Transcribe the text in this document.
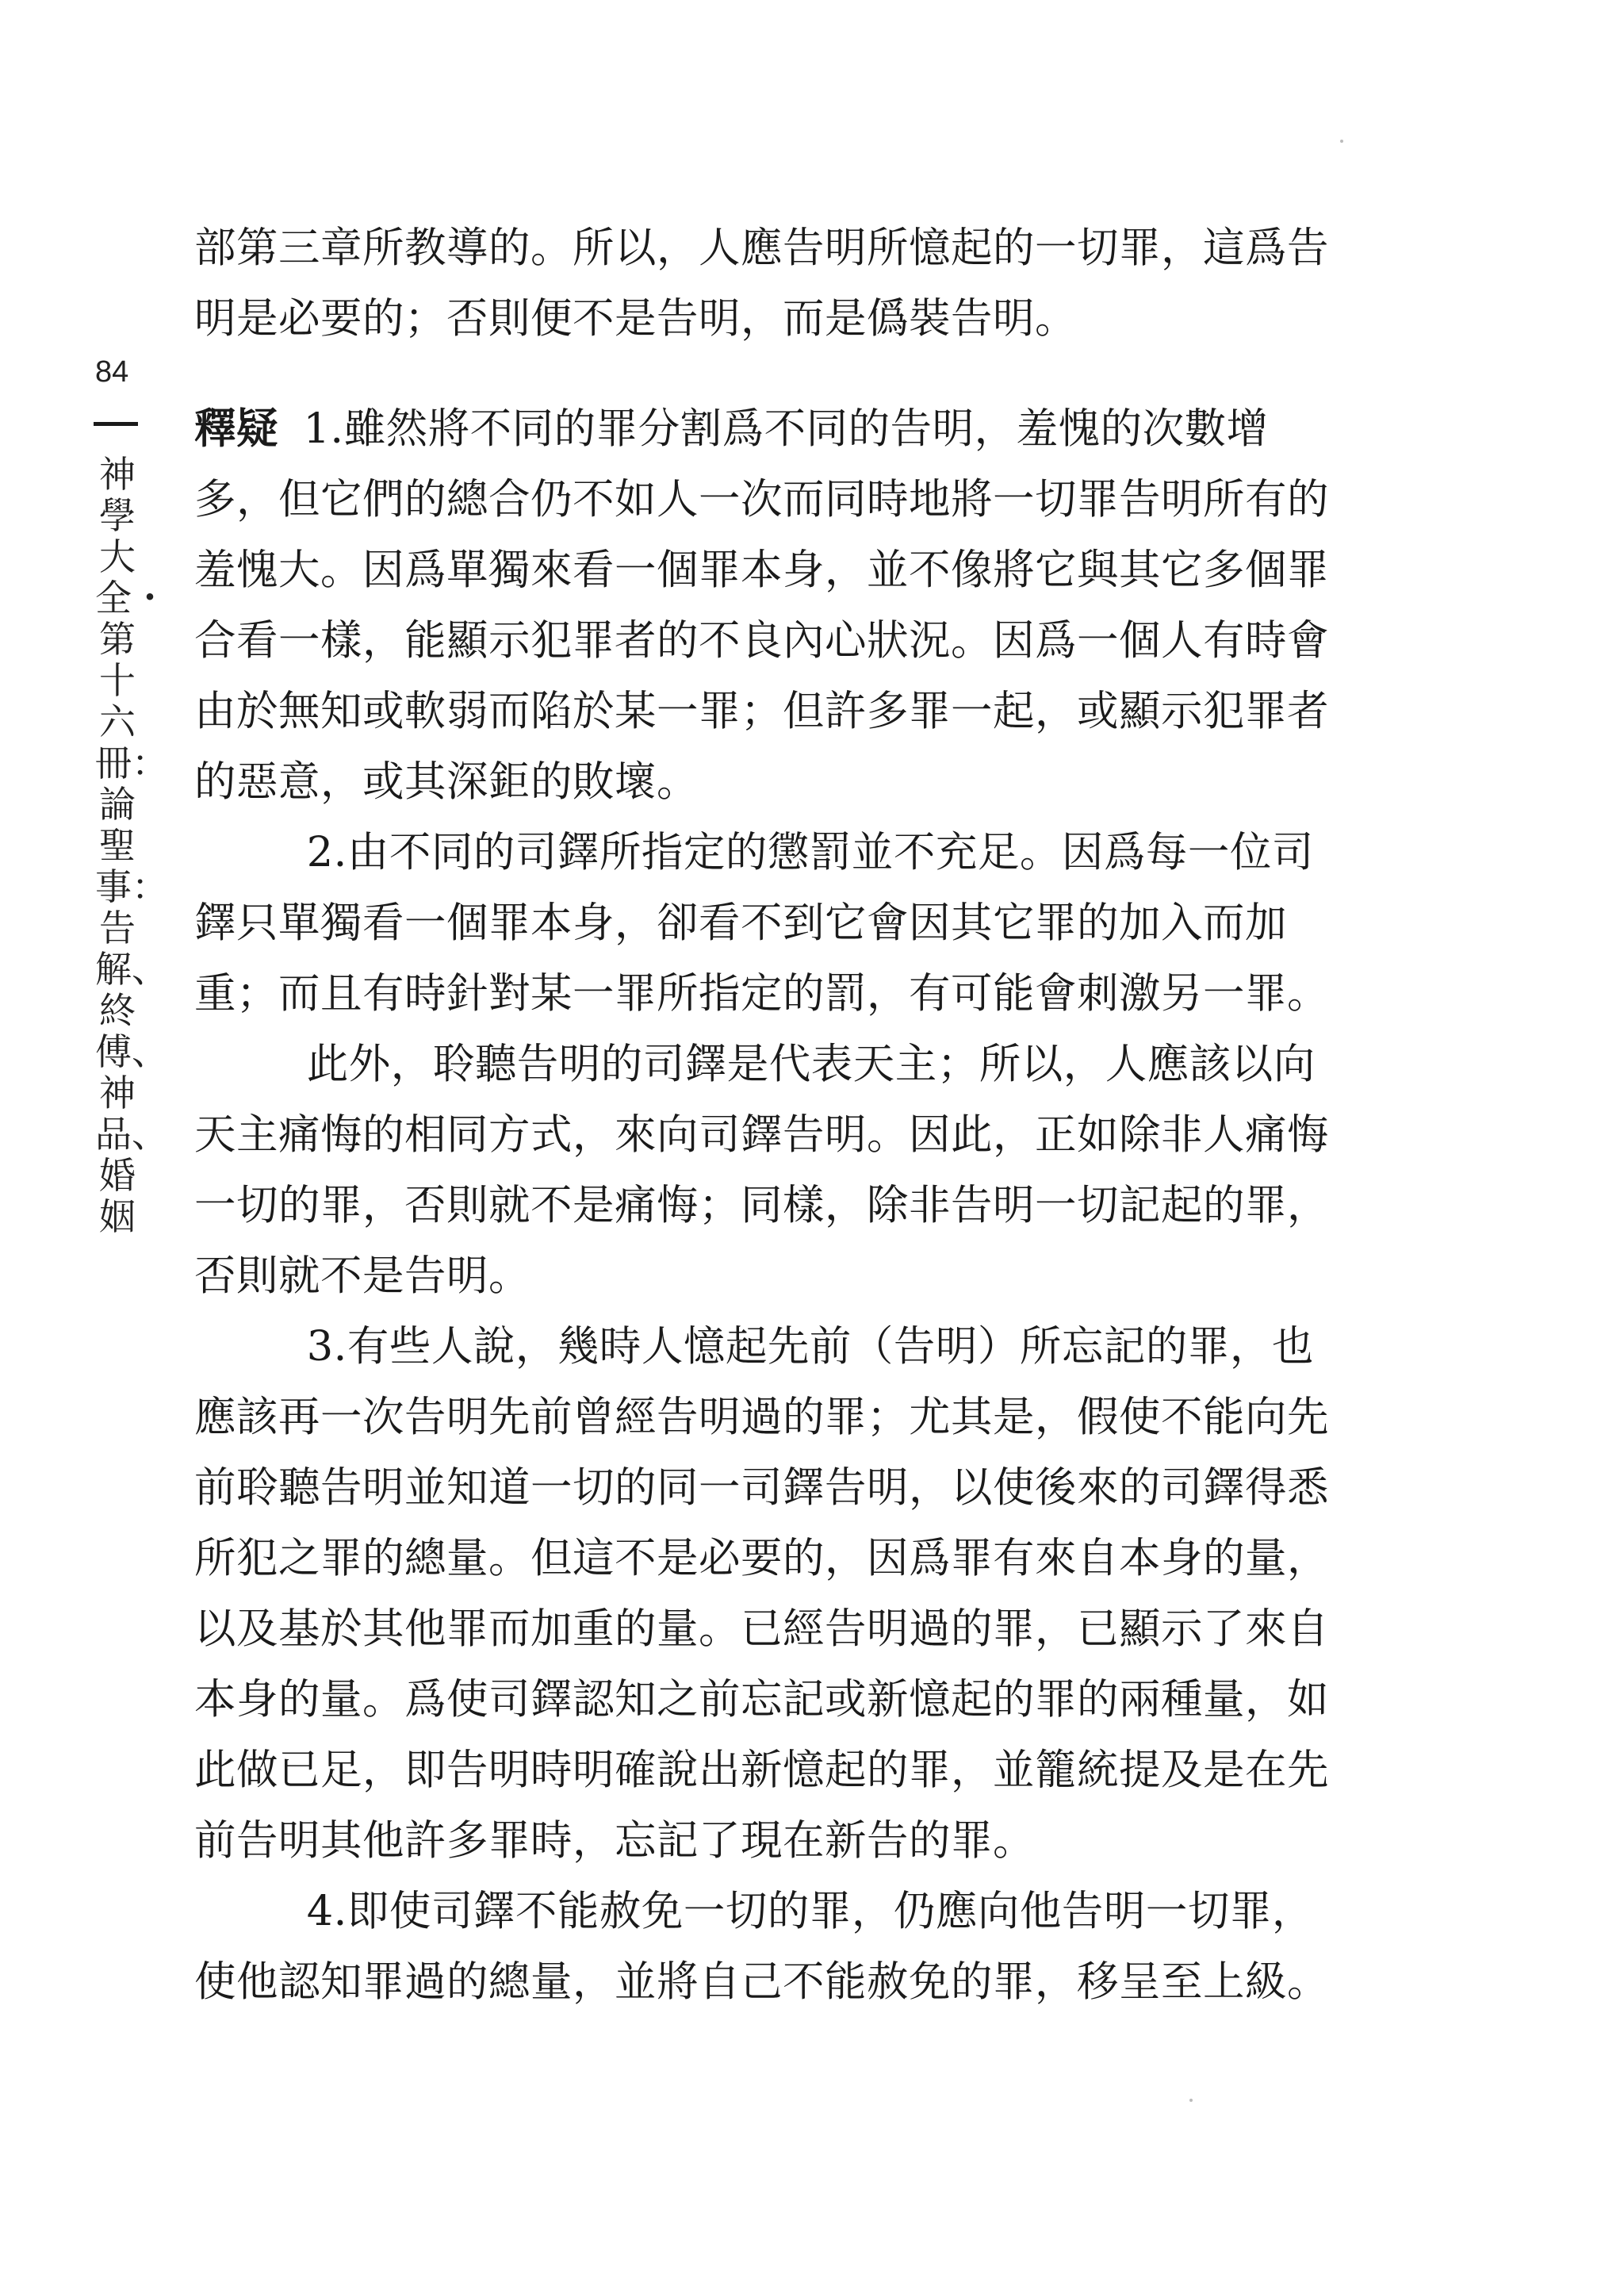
84
神學大全・第十六冊：論聖事：告解、終傅、神品、婚姻

部第三章所教導的。所以，人應告明所憶起的一切罪，這爲告明是必要的；否則便不是告明，而是僞裝告明。

釋疑 1.雖然將不同的罪分割爲不同的告明，羞愧的次數增多，但它們的總合仍不如人一次而同時地將一切罪告明所有的羞愧大。因爲單獨來看一個罪本身，並不像將它與其它多個罪合看一樣，能顯示犯罪者的不良內心狀況。因爲一個人有時會由於無知或軟弱而陷於某一罪；但許多罪一起，或顯示犯罪者的惡意，或其深鉅的敗壞。

2.由不同的司鐸所指定的懲罰並不充足。因爲每一位司鐸只單獨看一個罪本身，卻看不到它會因其它罪的加入而加重；而且有時針對某一罪所指定的罰，有可能會刺激另一罪。

此外，聆聽告明的司鐸是代表天主；所以，人應該以向天主痛悔的相同方式，來向司鐸告明。因此，正如除非人痛悔一切的罪，否則就不是痛悔；同樣，除非告明一切記起的罪，否則就不是告明。

3.有些人說，幾時人憶起先前（告明）所忘記的罪，也應該再一次告明先前曾經告明過的罪；尤其是，假使不能向先前聆聽告明並知道一切的同一司鐸告明，以使後來的司鐸得悉所犯之罪的總量。但這不是必要的，因爲罪有來自本身的量，以及基於其他罪而加重的量。已經告明過的罪，已顯示了來自本身的量。爲使司鐸認知之前忘記或新憶起的罪的兩種量，如此做已足，即告明時明確說出新憶起的罪，並籠統提及是在先前告明其他許多罪時，忘記了現在新告的罪。

4.即使司鐸不能赦免一切的罪，仍應向他告明一切罪，使他認知罪過的總量，並將自己不能赦免的罪，移呈至上級。
